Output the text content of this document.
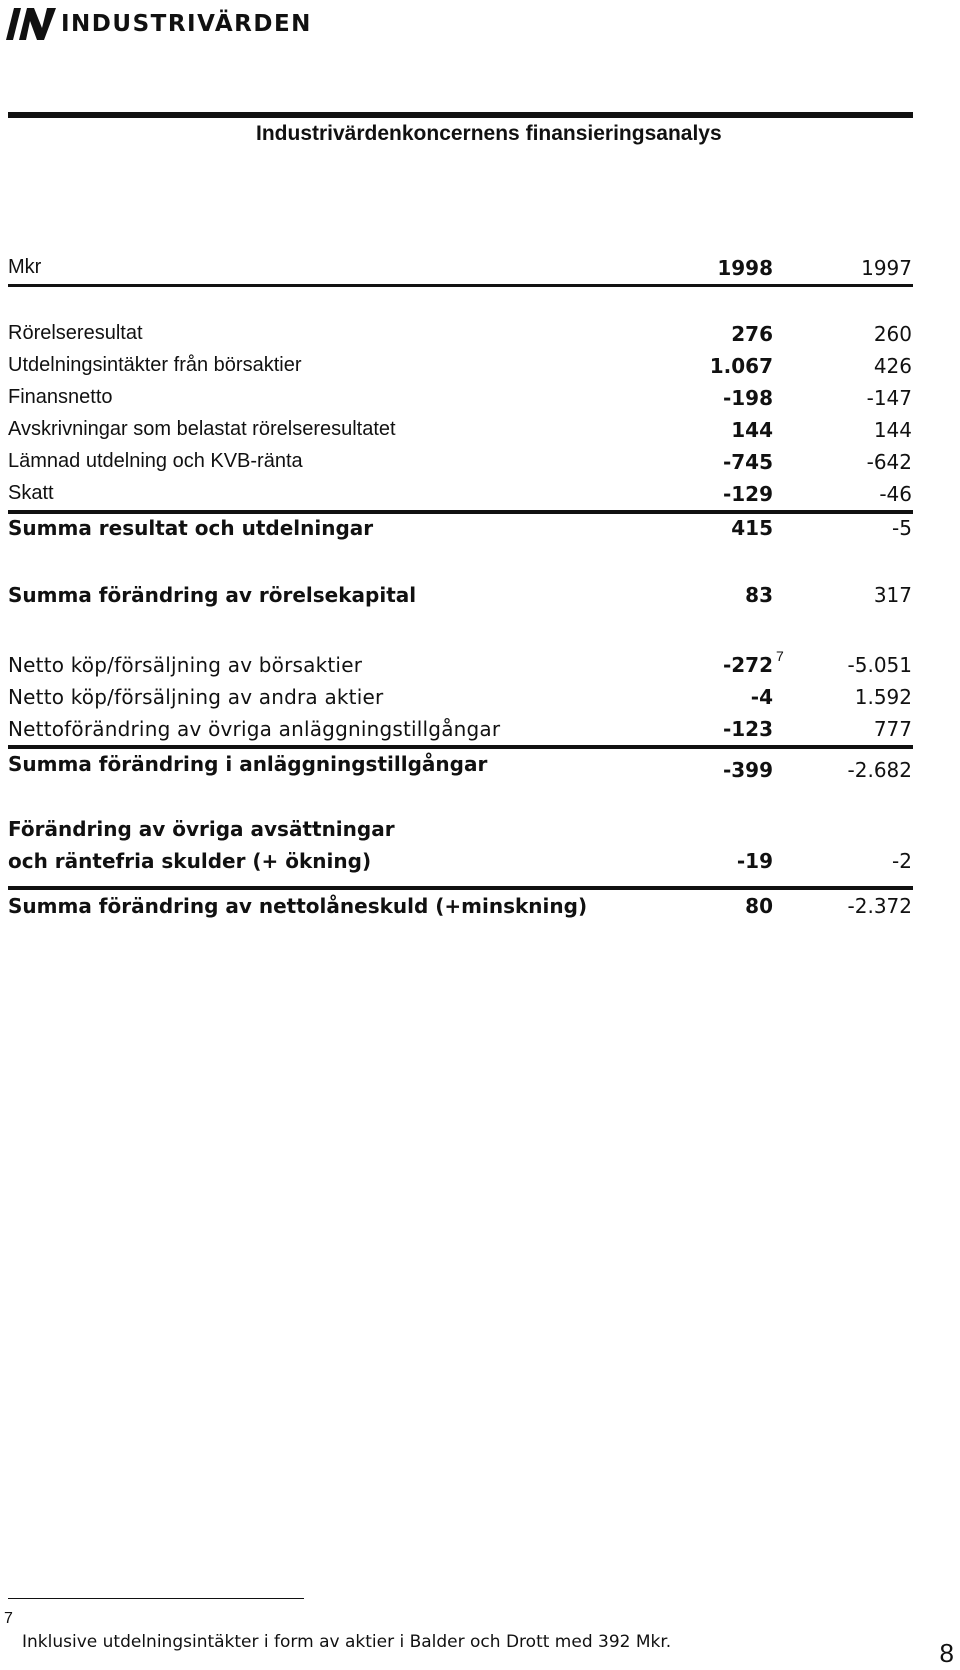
INDUSTRIVÄRDEN
Industrivärdenkoncernens finansieringsanalys
Mkr	1998	1997
Rörelseresultat	276	260
Utdelningsintäkter från börsaktier	1.067	426
Finansnetto	-198	-147
Avskrivningar som belastat rörelseresultatet	144	144
Lämnad utdelning och KVB-ränta	-745	-642
Skatt	-129	-46
Summa resultat och utdelningar	415	-5
Summa förändring av rörelsekapital	83	317
Netto köp/försäljning av börsaktier	-272	-5.051
7
Netto köp/försäljning av andra aktier	-4	1.592
Nettoförändring av övriga anläggningstillgångar	-123	777
Summa förändring i anläggningstillgångar	-399	-2.682
Förändring av övriga avsättningar
och räntefria skulder (+ ökning)	-19	-2
Summa förändring av nettolåneskuld (+minskning)	80	-2.372
7
Inklusive utdelningsintäkter i form av aktier i Balder och Drott med 392 Mkr.	8
